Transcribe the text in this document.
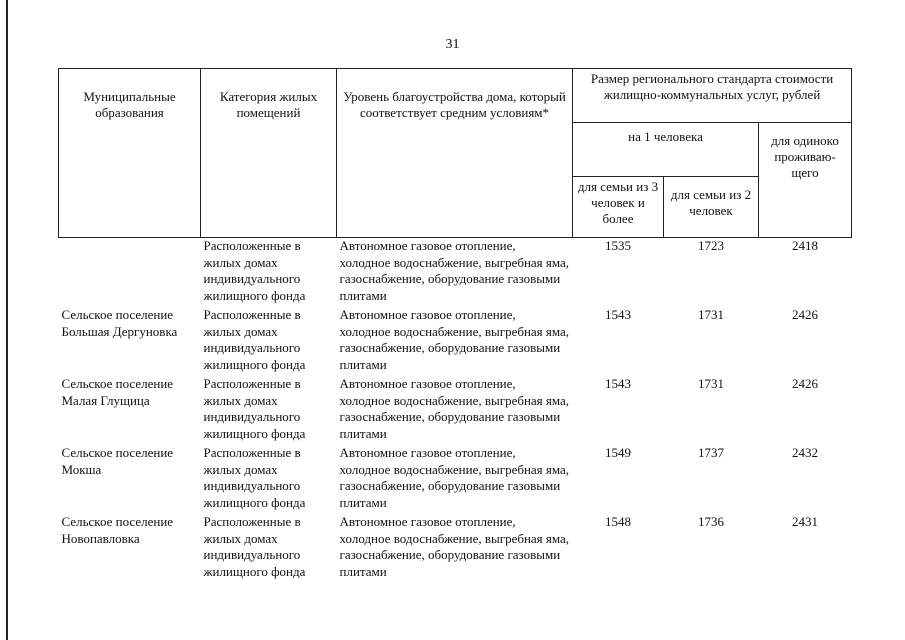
31
Муниципальные образования	Категория жилых помещений	Уровень благоустройства дома, который соответствует средним условиям*	Размер регионального стандарта стоимости жилищно-коммунальных услуг, рублей		
			на 1 человека		для одиноко проживаю-щего
			для семьи из 3 человек и более	для семьи из 2 человек	
	Расположенные в жилых домах индивидуального жилищного фонда	Автономное газовое отопление, холодное водоснабжение, выгребная яма, газоснабжение, оборудование газовыми плитами	1535	1723	2418
Сельское поселение Большая Дергуновка	Расположенные в жилых домах индивидуального жилищного фонда	Автономное газовое отопление, холодное водоснабжение, выгребная яма, газоснабжение, оборудование газовыми плитами	1543	1731	2426
Сельское поселение Малая Глущица	Расположенные в жилых домах индивидуального жилищного фонда	Автономное газовое отопление, холодное водоснабжение, выгребная яма, газоснабжение, оборудование газовыми плитами	1543	1731	2426
Сельское поселение Мокша	Расположенные в жилых домах индивидуального жилищного фонда	Автономное газовое отопление, холодное водоснабжение, выгребная яма, газоснабжение, оборудование газовыми плитами	1549	1737	2432
Сельское поселение Новопавловка	Расположенные в жилых домах индивидуального жилищного фонда	Автономное газовое отопление, холодное водоснабжение, выгребная яма, газоснабжение, оборудование газовыми плитами	1548	1736	2431
